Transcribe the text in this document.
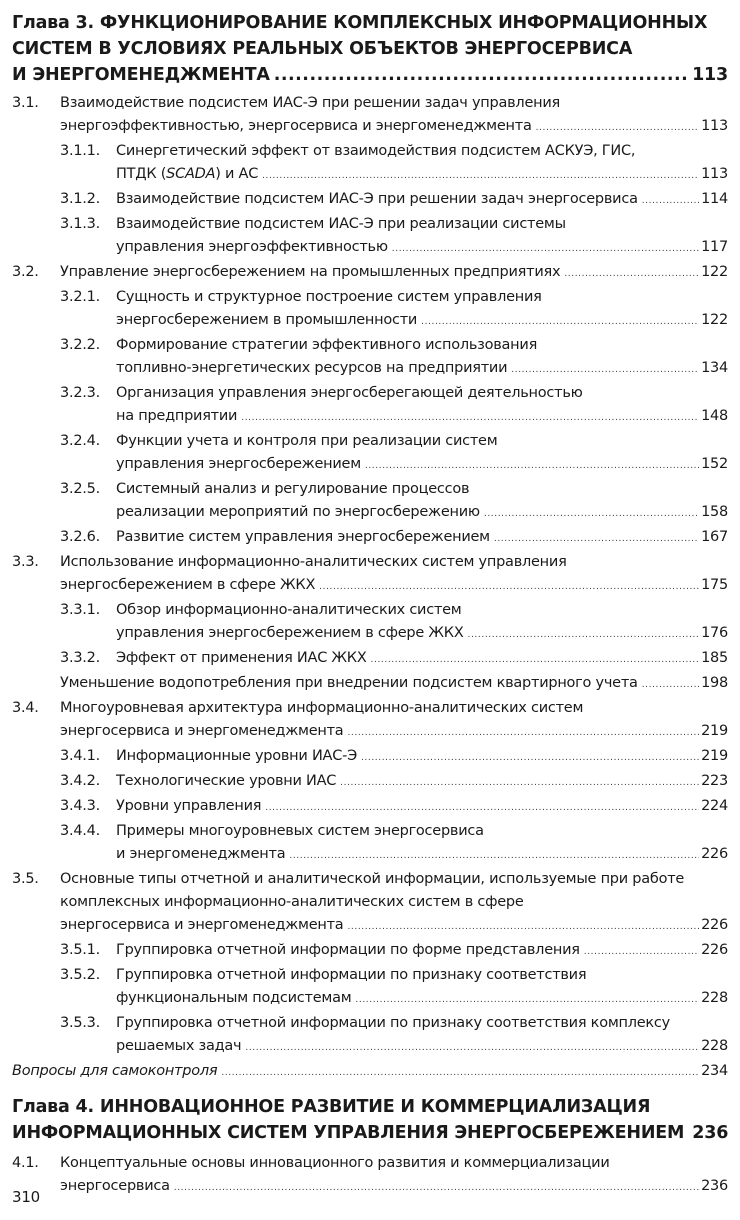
Глава 3. ФУНКЦИОНИРОВАНИЕ КОМПЛЕКСНЫХ ИНФОРМАЦИОННЫХ
СИСТЕМ В УСЛОВИЯХ РЕАЛЬНЫХ ОБЪЕКТОВ ЭНЕРГОСЕРВИСА
И ЭНЕРГОМЕНЕДЖМЕНТА .....	113
3.1.	Взаимодействие подсистем ИАС-Э при решении задач управления
энергоэффективностью, энергосервиса и энергоменеджмента .....	113
3.1.1.	Синергетический эффект от взаимодействия подсистем АСКУЭ, ГИС,
ПТДК (SCADA) и АС .....	113
3.1.2.	Взаимодействие подсистем ИАС-Э при решении задач энергосервиса .....	114
3.1.3.	Взаимодействие подсистем ИАС-Э при реализации системы
управления энергоэффективностью .....	117
3.2.	Управление энергосбережением на промышленных предприятиях .....	122
3.2.1.	Сущность и структурное построение систем управления
энергосбережением в промышленности .....	122
3.2.2.	Формирование стратегии эффективного использования
топливно-энергетических ресурсов на предприятии .....	134
3.2.3.	Организация управления энергосберегающей деятельностью
на предприятии .....	148
3.2.4.	Функции учета и контроля при реализации систем
управления энергосбережением .....	152
3.2.5.	Системный анализ и регулирование процессов
реализации мероприятий по энергосбережению .....	158
3.2.6.	Развитие систем управления энергосбережением .....	167
3.3.	Использование информационно-аналитических систем управления
энергосбережением в сфере ЖКХ .....	175
3.3.1.	Обзор информационно-аналитических систем
управления энергосбережением в сфере ЖКХ .....	176
3.3.2.	Эффект от применения ИАС ЖКХ .....	185
Уменьшение водопотребления при внедрении подсистем квартирного учета .....	198
3.4.	Многоуровневая архитектура информационно-аналитических систем
энергосервиса и энергоменеджмента .....	219
3.4.1.	Информационные уровни ИАС-Э .....	219
3.4.2.	Технологические уровни ИАС .....	223
3.4.3.	Уровни управления .....	224
3.4.4.	Примеры многоуровневых систем энергосервиса
и энергоменеджмента .....	226
3.5.	Основные типы отчетной и аналитической информации, используемые при работе комплексных информационно-аналитических систем в сфере
энергосервиса и энергоменеджмента .....	226
3.5.1.	Группировка отчетной информации по форме представления .....	226
3.5.2.	Группировка отчетной информации по признаку соответствия
функциональным подсистемам .....	228
3.5.3.	Группировка отчетной информации по признаку соответствия комплексу
решаемых задач .....	228
Вопросы для самоконтроля .....	234
Глава 4. ИННОВАЦИОННОЕ РАЗВИТИЕ И КОММЕРЦИАЛИЗАЦИЯ
ИНФОРМАЦИОННЫХ СИСТЕМ УПРАВЛЕНИЯ ЭНЕРГОСБЕРЕЖЕНИЕМ 236
4.1.	Концептуальные основы инновационного развития и коммерциализации
энергосервиса .....	236
310
